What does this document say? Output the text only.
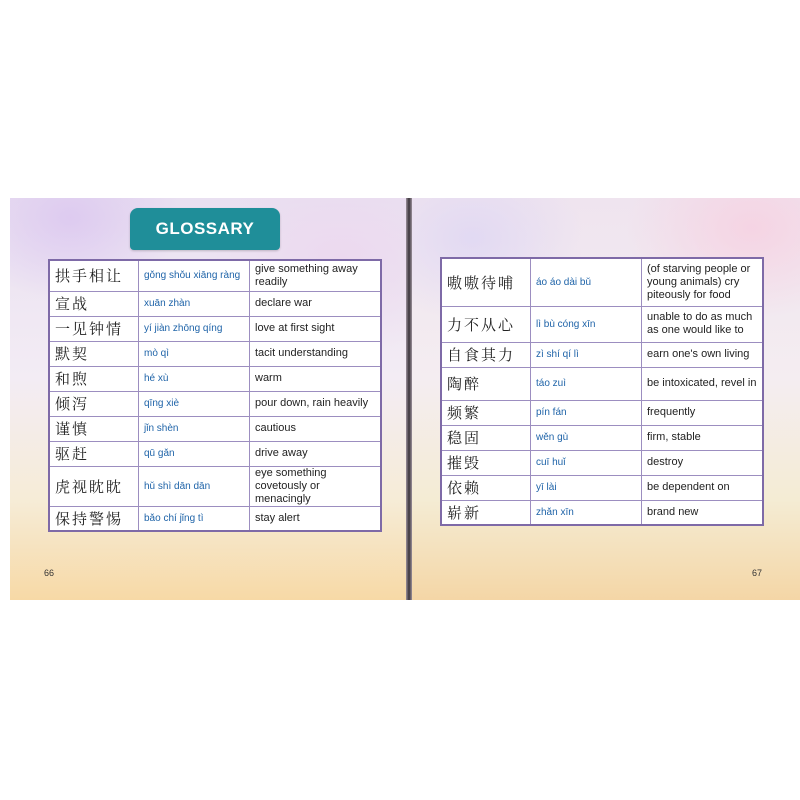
GLOSSARY
拱手相让	gǒng shǒu xiāng ràng	give something away readily
宣战	xuān zhàn	declare war
一见钟情	yí jiàn zhōng qíng	love at first sight
默契	mò qì	tacit understanding
和煦	hé xù	warm
倾泻	qīng xiè	pour down, rain heavily
谨慎	jǐn shèn	cautious
驱赶	qū gǎn	drive away
虎视眈眈	hǔ shì dān dān	eye something covetously or menacingly
保持警惕	bǎo chí jǐng tì	stay alert
66
嗷嗷待哺	áo áo dài bǔ	(of starving people or young animals) cry piteously for food
力不从心	lì bù cóng xīn	unable to do as much as one would like to
自食其力	zì shí qí lì	earn one's own living
陶醉	táo zuì	be intoxicated, revel in
频繁	pín fán	frequently
稳固	wěn gù	firm, stable
摧毁	cuī huǐ	destroy
依赖	yī lài	be dependent on
崭新	zhǎn xīn	brand new
67
